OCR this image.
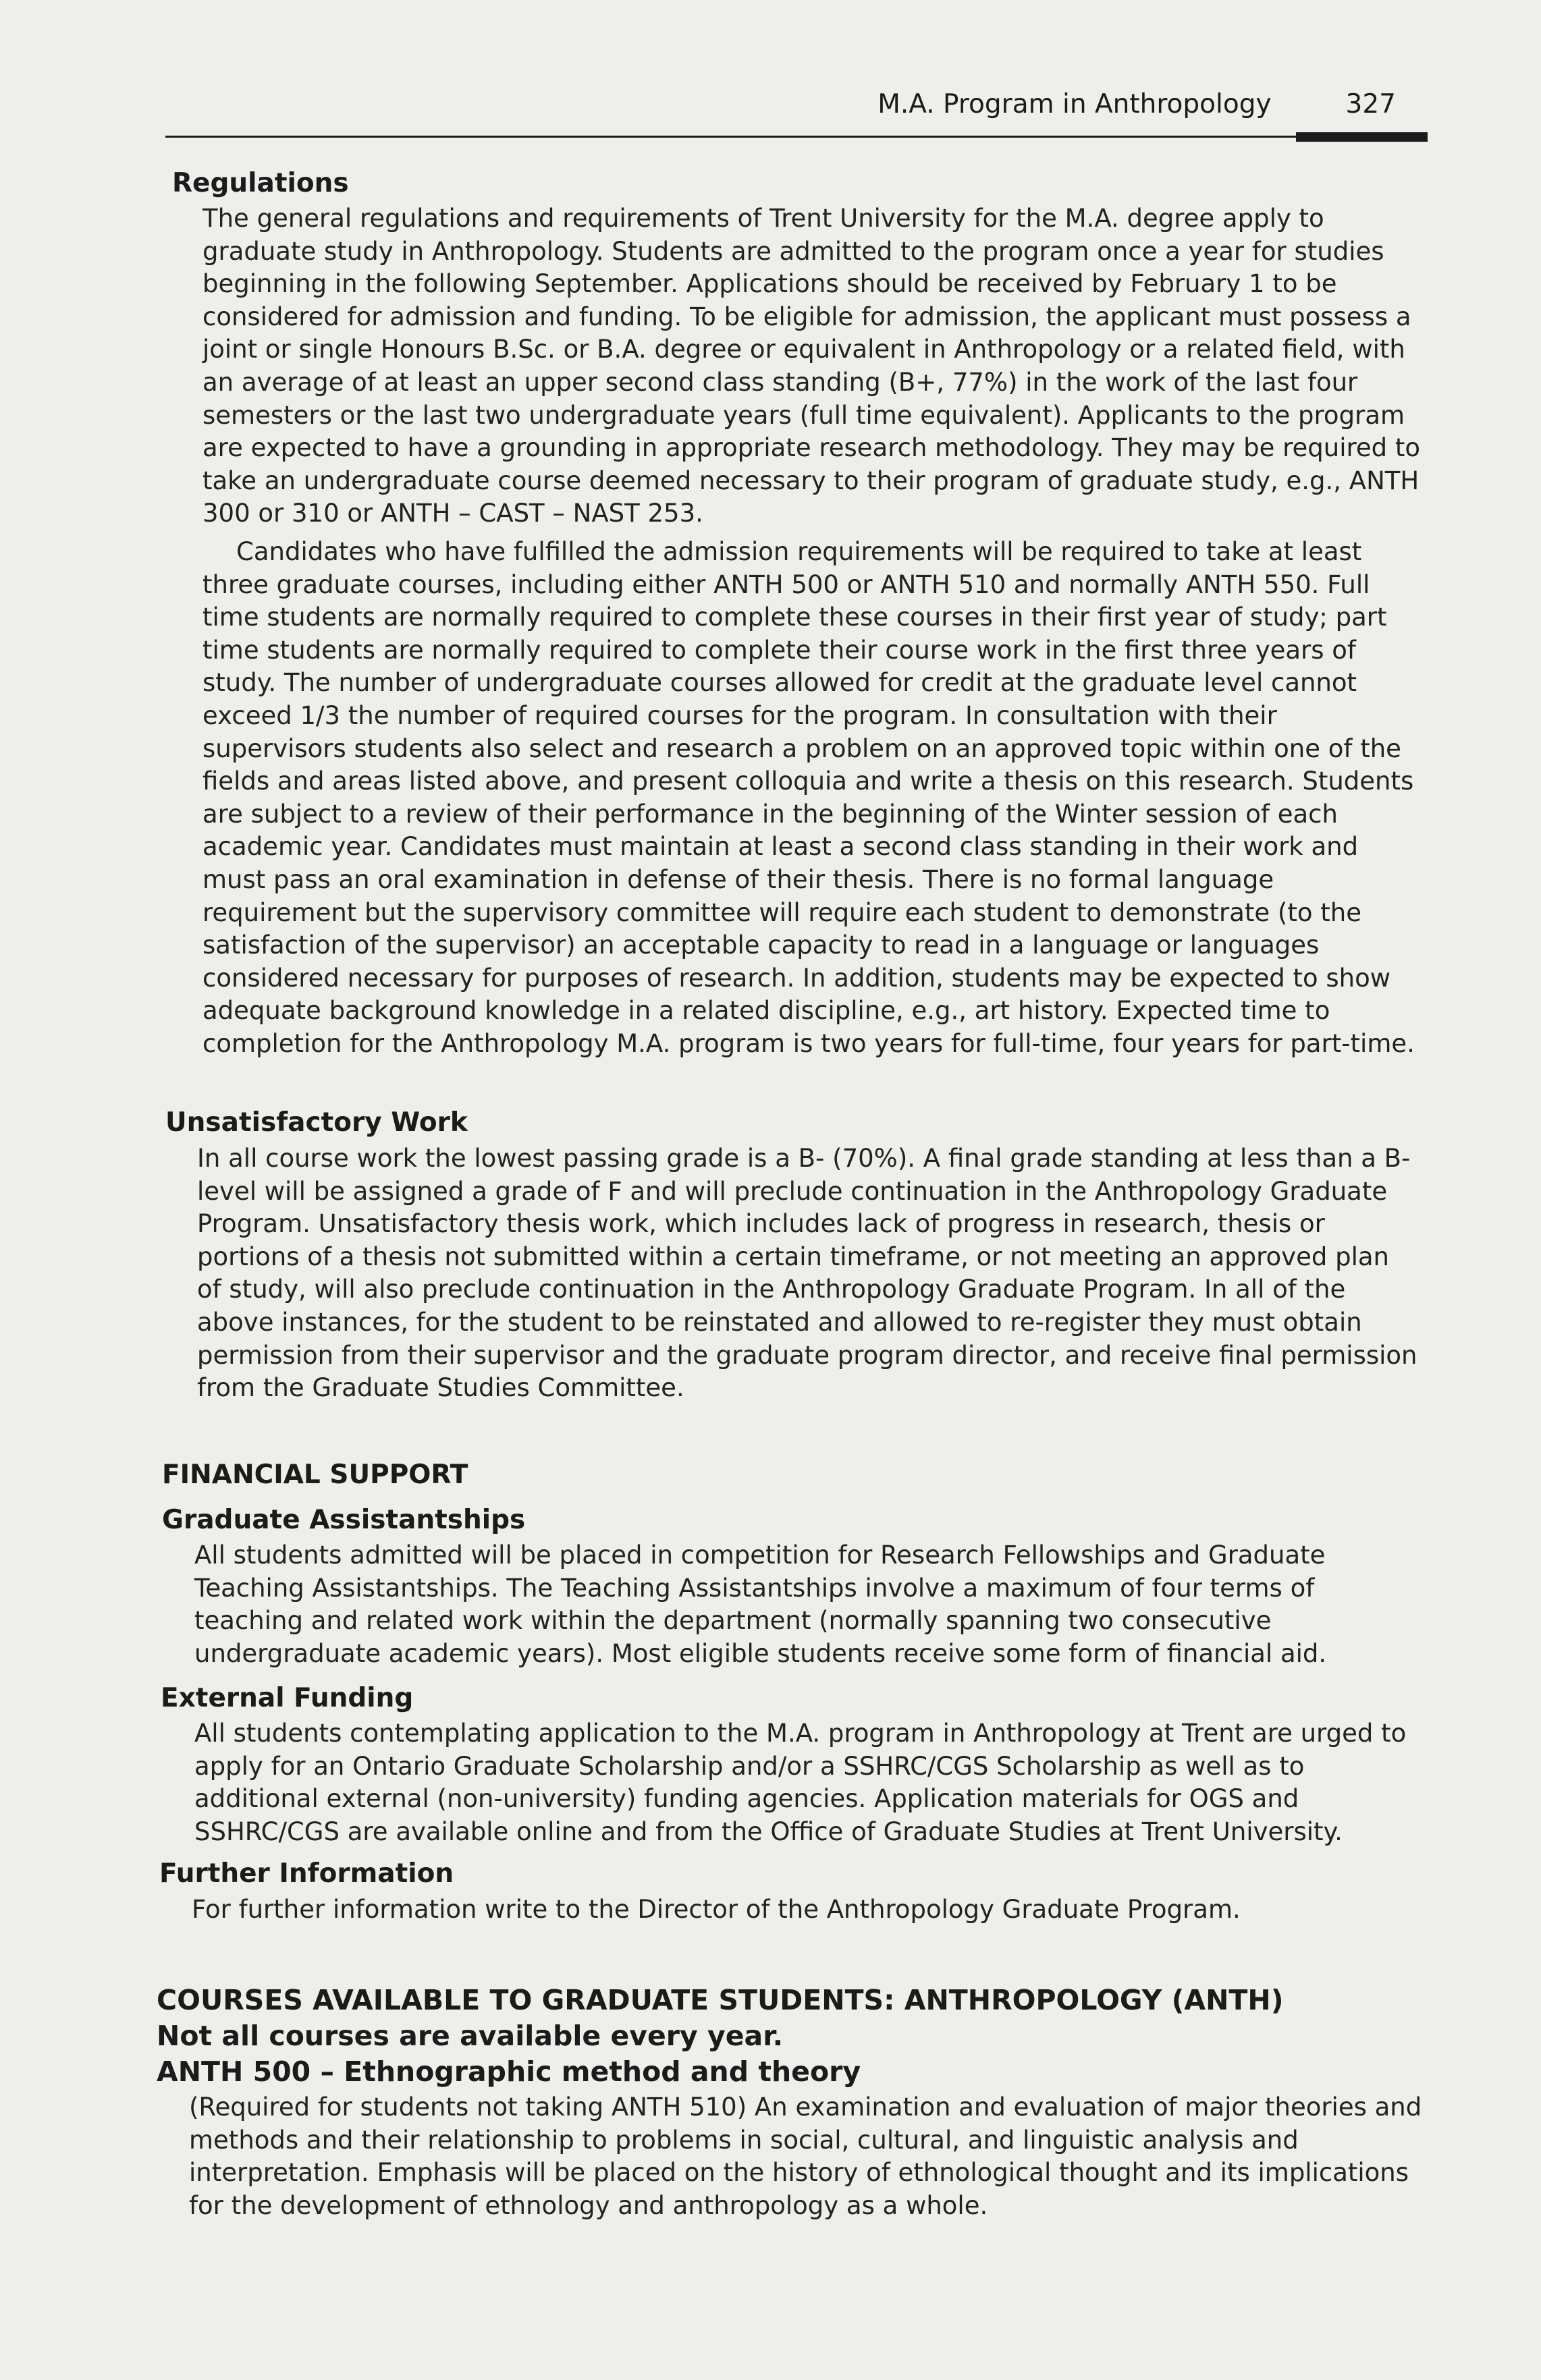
M.A. Program in Anthropology	327
Regulations

The general regulations and requirements of Trent University for the M.A. degree apply to graduate study in Anthropology. Students are admitted to the program once a year for studies beginning in the following September. Applications should be received by February 1 to be considered for admission and funding. To be eligible for admission, the applicant must possess a joint or single Honours B.Sc. or B.A. degree or equivalent in Anthropology or a related field, with an average of at least an upper second class standing (B+, 77%) in the work of the last four semesters or the last two undergraduate years (full time equivalent). Applicants to the program are expected to have a grounding in appropriate research methodology. They may be required to take an undergraduate course deemed necessary to their program of graduate study, e.g., ANTH 300 or 310 or ANTH – CAST – NAST 253.

Candidates who have fulfilled the admission requirements will be required to take at least three graduate courses, including either ANTH 500 or ANTH 510 and normally ANTH 550. Full time students are normally required to complete these courses in their first year of study; part time students are normally required to complete their course work in the first three years of study. The number of undergraduate courses allowed for credit at the graduate level cannot exceed 1/3 the number of required courses for the program. In consultation with their supervisors students also select and research a problem on an approved topic within one of the fields and areas listed above, and present colloquia and write a thesis on this research. Students are subject to a review of their performance in the beginning of the Winter session of each academic year. Candidates must maintain at least a second class standing in their work and must pass an oral examination in defense of their thesis. There is no formal language requirement but the supervisory committee will require each student to demonstrate (to the satisfaction of the supervisor) an acceptable capacity to read in a language or languages considered necessary for purposes of research. In addition, students may be expected to show adequate background knowledge in a related discipline, e.g., art history. Expected time to completion for the Anthropology M.A. program is two years for full-time, four years for part-time.

Unsatisfactory Work

In all course work the lowest passing grade is a B- (70%). A final grade standing at less than a B- level will be assigned a grade of F and will preclude continuation in the Anthropology Graduate Program. Unsatisfactory thesis work, which includes lack of progress in research, thesis or portions of a thesis not submitted within a certain timeframe, or not meeting an approved plan of study, will also preclude continuation in the Anthropology Graduate Program. In all of the above instances, for the student to be reinstated and allowed to re-register they must obtain permission from their supervisor and the graduate program director, and receive final permission from the Graduate Studies Committee.

FINANCIAL SUPPORT
Graduate Assistantships

All students admitted will be placed in competition for Research Fellowships and Graduate Teaching Assistantships. The Teaching Assistantships involve a maximum of four terms of teaching and related work within the department (normally spanning two consecutive undergraduate academic years). Most eligible students receive some form of financial aid.

External Funding

All students contemplating application to the M.A. program in Anthropology at Trent are urged to apply for an Ontario Graduate Scholarship and/or a SSHRC/CGS Scholarship as well as to additional external (non-university) funding agencies. Application materials for OGS and SSHRC/CGS are available online and from the Office of Graduate Studies at Trent University.

Further Information

For further information write to the Director of the Anthropology Graduate Program.

COURSES AVAILABLE TO GRADUATE STUDENTS: ANTHROPOLOGY (ANTH)
Not all courses are available every year.
ANTH 500 – Ethnographic method and theory

(Required for students not taking ANTH 510) An examination and evaluation of major theories and methods and their relationship to problems in social, cultural, and linguistic analysis and interpretation. Emphasis will be placed on the history of ethnological thought and its implications for the development of ethnology and anthropology as a whole.
